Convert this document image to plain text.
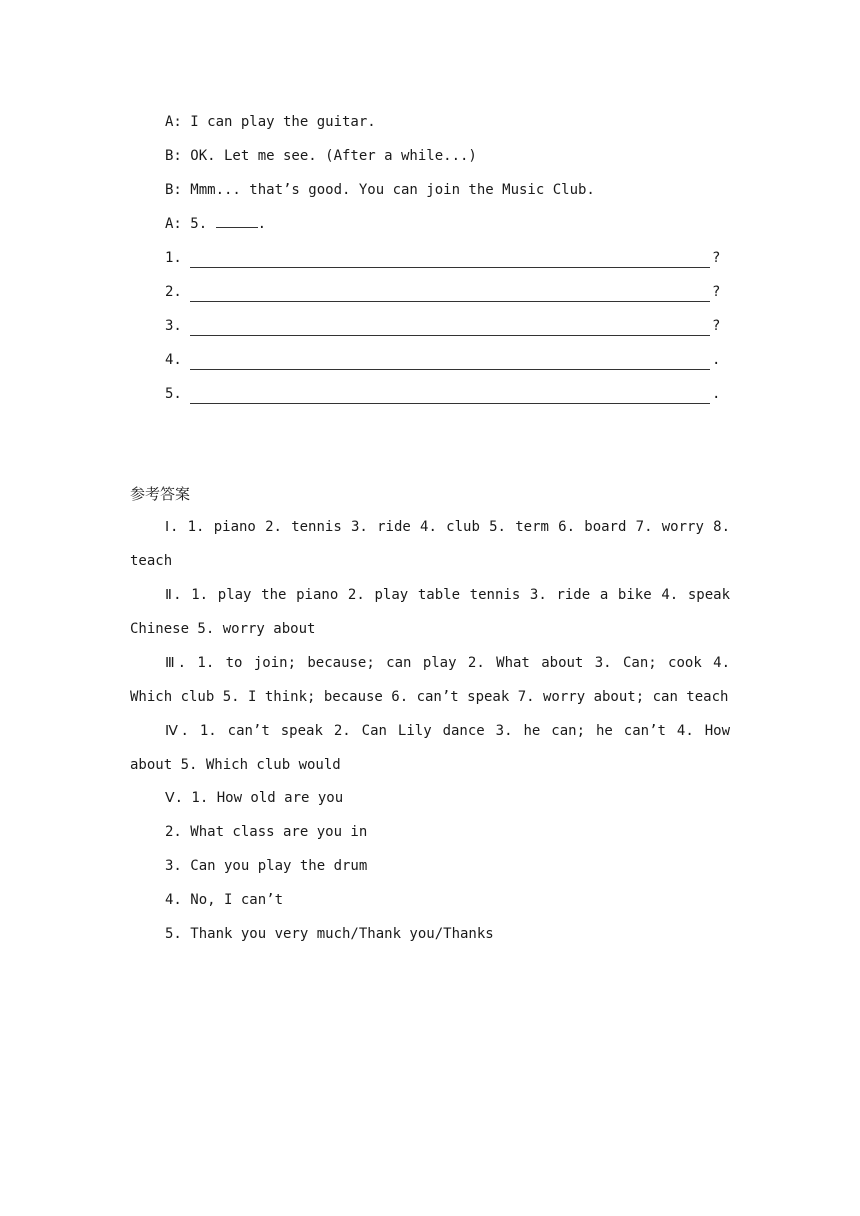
A: I can play the guitar.
B: OK. Let me see. (After a while...)
B: Mmm... that’s good. You can join the Music Club.
A: 5.	.
1.	?
2.	?
3.	?
4.	.
5.	.
参考答案
Ⅰ. 1. piano 2. tennis 3. ride 4. club 5. term 6. board 7. worry 8. teach
Ⅱ. 1. play the piano 2. play table tennis 3. ride a bike 4. speak Chinese 5. worry about
Ⅲ. 1. to join; because; can play 2. What about 3. Can; cook 4. Which club 5. I think; because 6. can’t speak 7. worry about; can teach
Ⅳ. 1. can’t speak 2. Can Lily dance 3. he can; he can’t 4. How about 5. Which club would
Ⅴ. 1. How old are you
2. What class are you in
3. Can you play the drum
4. No, I can’t
5. Thank you very much/Thank you/Thanks
